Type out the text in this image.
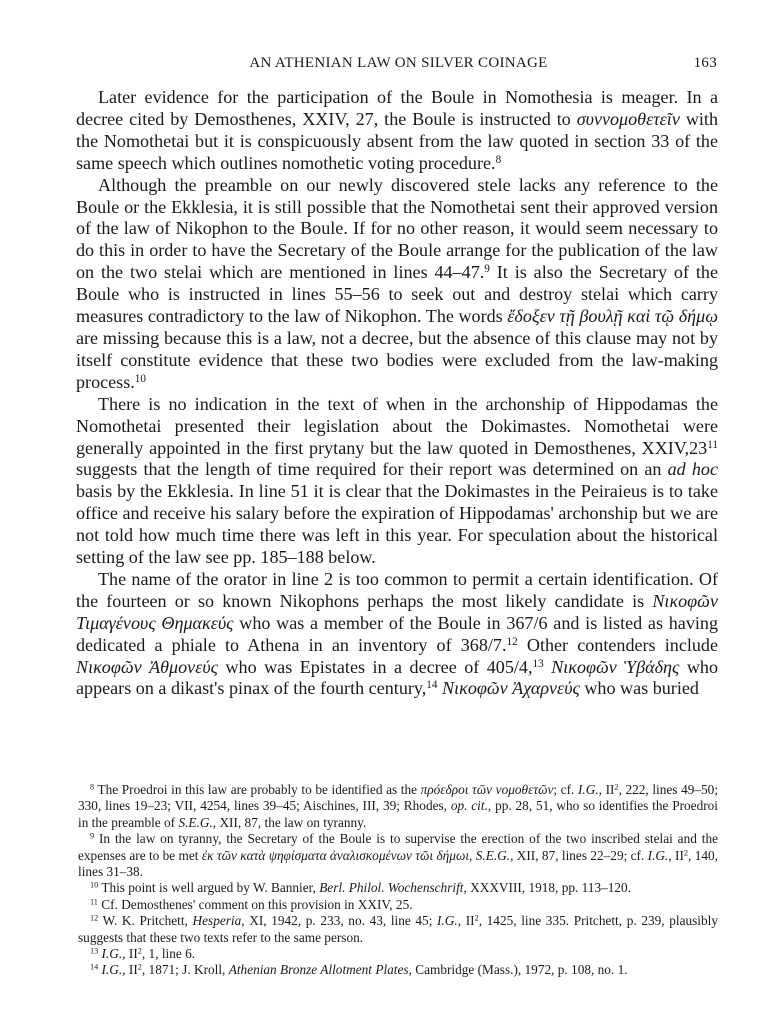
AN ATHENIAN LAW ON SILVER COINAGE	163

Later evidence for the participation of the Boule in Nomothesia is meager. In a decree cited by Demosthenes, XXIV, 27, the Boule is instructed to συννομοθετεῖν with the Nomothetai but it is conspicuously absent from the law quoted in section 33 of the same speech which outlines nomothetic voting procedure.$^8$

Although the preamble on our newly discovered stele lacks any reference to the Boule or the Ekklesia, it is still possible that the Nomothetai sent their approved version of the law of Nikophon to the Boule. If for no other reason, it would seem necessary to do this in order to have the Secretary of the Boule arrange for the publication of the law on the two stelai which are mentioned in lines 44–47.$^9$ It is also the Secretary of the Boule who is instructed in lines 55–56 to seek out and destroy stelai which carry measures contradictory to the law of Nikophon. The words ἔδοξεν τῇ βουλῇ καὶ τῷ δήμῳ are missing because this is a law, not a decree, but the absence of this clause may not by itself constitute evidence that these two bodies were excluded from the law-making process.$^{10}$

There is no indication in the text of when in the archonship of Hippodamas the Nomothetai presented their legislation about the Dokimastes. Nomothetai were generally appointed in the first prytany but the law quoted in Demosthenes, $XXIV,23^{11}$ suggests that the length of time required for their report was determined on an ad hoc basis by the Ekklesia. In line 51 it is clear that the Dokimastes in the Peiraieus is to take office and receive his salary before the expiration of Hippodamas' archonship but we are not told how much time there was left in this year. For speculation about the historical setting of the law see pp. 185–188 below.

The name of the orator in line 2 is too common to permit a certain identification. Of the fourteen or so known Nikophons perhaps the most likely candidate is Νικοφῶν Τιμαγένους Θημακεύς who was a member of the Boule in 367/6 and is listed as having dedicated a phiale to Athena in an inventory of 368/7.12 Other contenders include Νικοφῶν Ἀθμονεύς who was Epistates in a decree of 405/4,13 Νικοφῶν Ὑβάδης who appears on a dikast's pinax of the fourth century,$^{14}$ Νικοφῶν Ἀχαρνεύς who was buried

$^8$ The Proedroi in this law are probably to be identified as the πρόεδροι τῶν νομοθετῶν; cf. I.G., $II^2$, 222, lines 49–50; 330, lines 19–23; VII, 4254, lines 39–45; Aischines, III, 39; Rhodes, op. cit., pp. 28, 51, who so identifies the Proedroi in the preamble of S.E.G., XII, 87, the law on tyranny.

$^9$ In the law on tyranny, the Secretary of the Boule is to supervise the erection of the two inscribed stelai and the expenses are to be met ἐκ τῶν κατὰ ψηφίσματα ἀναλισκομένων τῶι δήμωι, S.E.G., XII, 87, lines 22–29; cf. I.G., $II^2$, 140, lines 31–38.

$^{10}$ This point is well argued by W. Bannier, Berl. Philol. Wochenschrift, XXXVIII, 1918, pp. 113–120.

$^{11}$ Cf. Demosthenes' comment on this provision in XXIV, 25.

$^{12}$ W. K. Pritchett, Hesperia, XI, 1942, p. 233, no. 43, line 45; I.G., $II^2$, 1425, line 335. Pritchett, p. 239, plausibly suggests that these two texts refer to the same person.

$^{13}$ I.G., $II^2$, 1, line 6.

$^{14}$ I.G., $II^2$, 1871; J. Kroll, Athenian Bronze Allotment Plates, Cambridge (Mass.), 1972, p. 108, no. 1.
